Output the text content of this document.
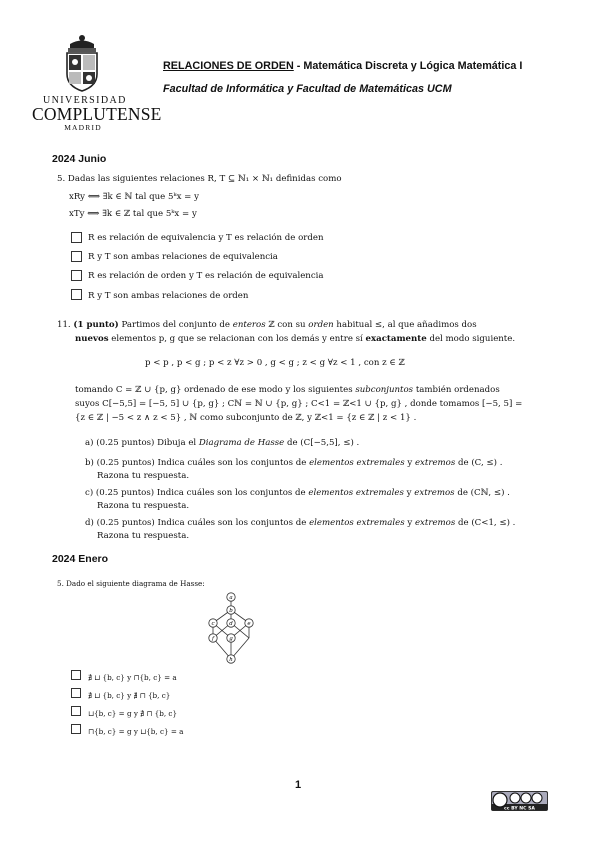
UNIVERSIDAD
COMPLUTENSE
MADRID
RELACIONES DE ORDEN - Matemática Discreta y Lógica Matemática I
Facultad de Informática y Facultad de Matemáticas UCM
2024 Junio
5. Dadas las siguientes relaciones R, T ⊆ ℕ₁ × ℕ₁ definidas como
xRy ⟺ ∃k ∈ ℕ tal que 5ᵏx = y
xTy ⟺ ∃k ∈ ℤ tal que 5ᵏx = y
R es relación de equivalencia y T es relación de orden
R y T son ambas relaciones de equivalencia
R es relación de orden y T es relación de equivalencia
R y T son ambas relaciones de orden
11. (1 punto) Partimos del conjunto de enteros ℤ con su orden habitual ≤, al que añadimos dos
nuevos elementos p, g que se relacionan con los demás y entre sí exactamente del modo siguiente.
p < p , p < g ; p < z ∀z > 0 , g < g ; z < g ∀z < 1 , con z ∈ ℤ
tomando C = ℤ ∪ {p, g} ordenado de ese modo y los siguientes subconjuntos también ordenados
suyos C[−5,5] = [−5, 5] ∪ {p, g} ; Cℕ = ℕ ∪ {p, g} ; C<1 = ℤ<1 ∪ {p, g} , donde tomamos [−5, 5] =
{z ∈ ℤ | −5 < z ∧ z < 5} , ℕ como subconjunto de ℤ, y ℤ<1 = {z ∈ ℤ | z < 1} .
a) (0.25 puntos) Dibuja el Diagrama de Hasse de (C[−5,5], ≤) .
b) (0.25 puntos) Indica cuáles son los conjuntos de elementos extremales y extremos de (C, ≤) .
Razona tu respuesta.
c) (0.25 puntos) Indica cuáles son los conjuntos de elementos extremales y extremos de (Cℕ, ≤) .
Razona tu respuesta.
d) (0.25 puntos) Indica cuáles son los conjuntos de elementos extremales y extremos de (C<1, ≤) .
Razona tu respuesta.
2024 Enero
5. Dado el siguiente diagrama de Hasse:
a
b
c	d	e
f	g
h
∄ ⊔ {b, c} y ⊓{b, c} = a
∄ ⊔ {b, c} y ∄ ⊓ {b, c}
⊔{b, c} = g y ∄ ⊓ {b, c}
⊓{b, c} = g y ⊔{b, c} = a
1
cc BY NC SA
